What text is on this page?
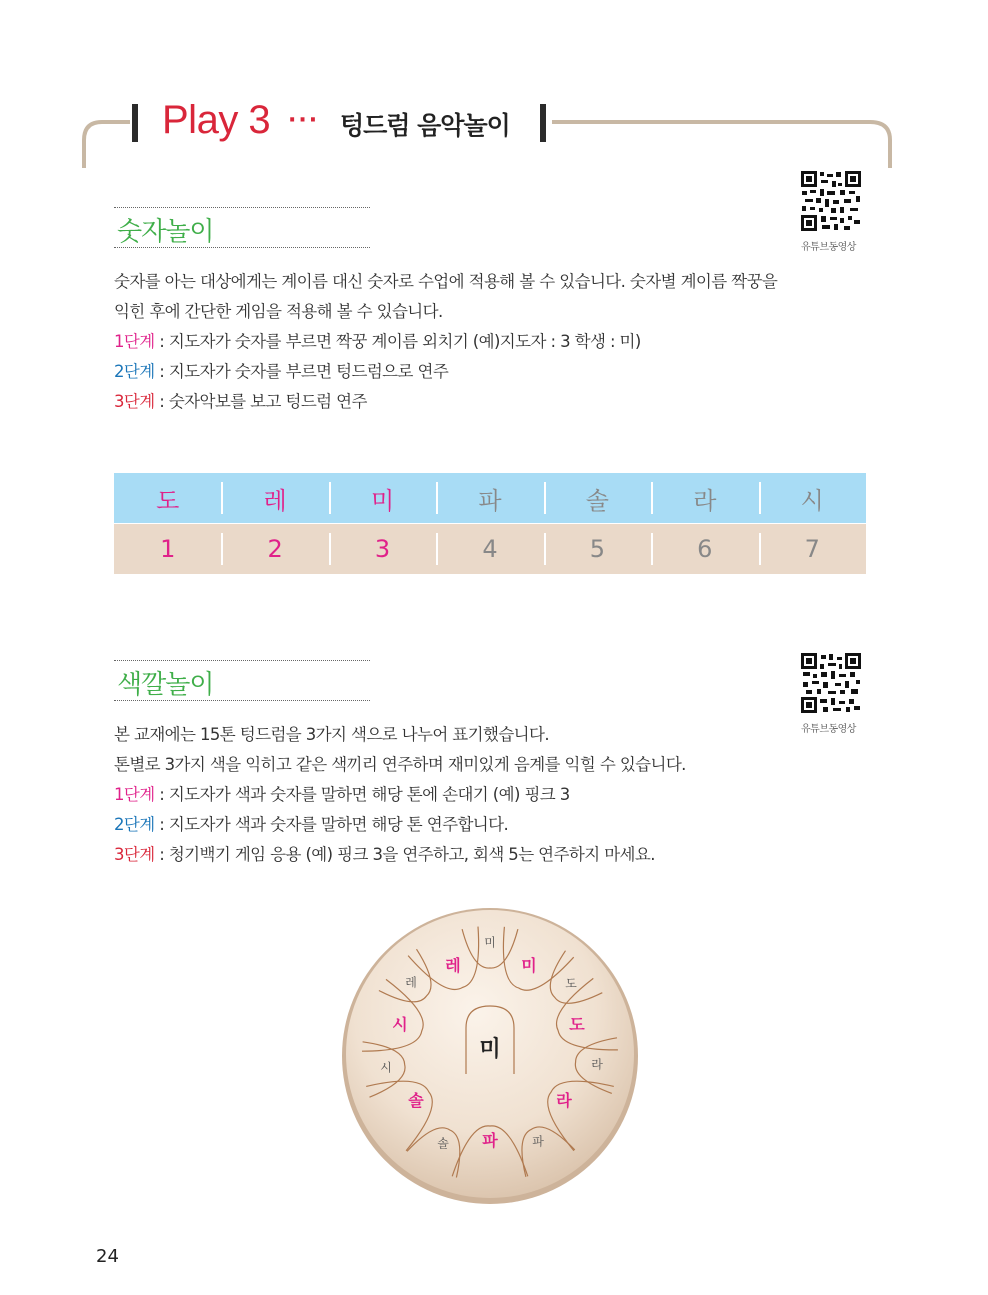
Play 3 ··· 텅드럼 음악놀이
유튜브동영상
숫자놀이
숫자를 아는 대상에게는 계이름 대신 숫자로 수업에 적용해 볼 수 있습니다. 숫자별 계이름 짝꿍을
익힌 후에 간단한 게임을 적용해 볼 수 있습니다.
1단계 : 지도자가 숫자를 부르면 짝꿍 계이름 외치기 (예)지도자 : 3 학생 : 미)
2단계 : 지도자가 숫자를 부르면 텅드럼으로 연주
3단계 : 숫자악보를 보고 텅드럼 연주
도	레	미	파	솔	라	시
1	2	3	4	5	6	7
유튜브동영상
색깔놀이
본 교재에는 15톤 텅드럼을 3가지 색으로 나누어 표기했습니다.
톤별로 3가지 색을 익히고 같은 색끼리 연주하며 재미있게 음계를 익힐 수 있습니다.
1단계 : 지도자가 색과 숫자를 말하면 해당 톤에 손대기 (예) 핑크 3
2단계 : 지도자가 색과 숫자를 말하면 해당 톤 연주합니다.
3단계 : 청기백기 게임 응용 (예) 핑크 3을 연주하고, 회색 5는 연주하지 마세요.
미
미
도
도
라
라
파
파
솔
솔
시
시
레
레
미
24
